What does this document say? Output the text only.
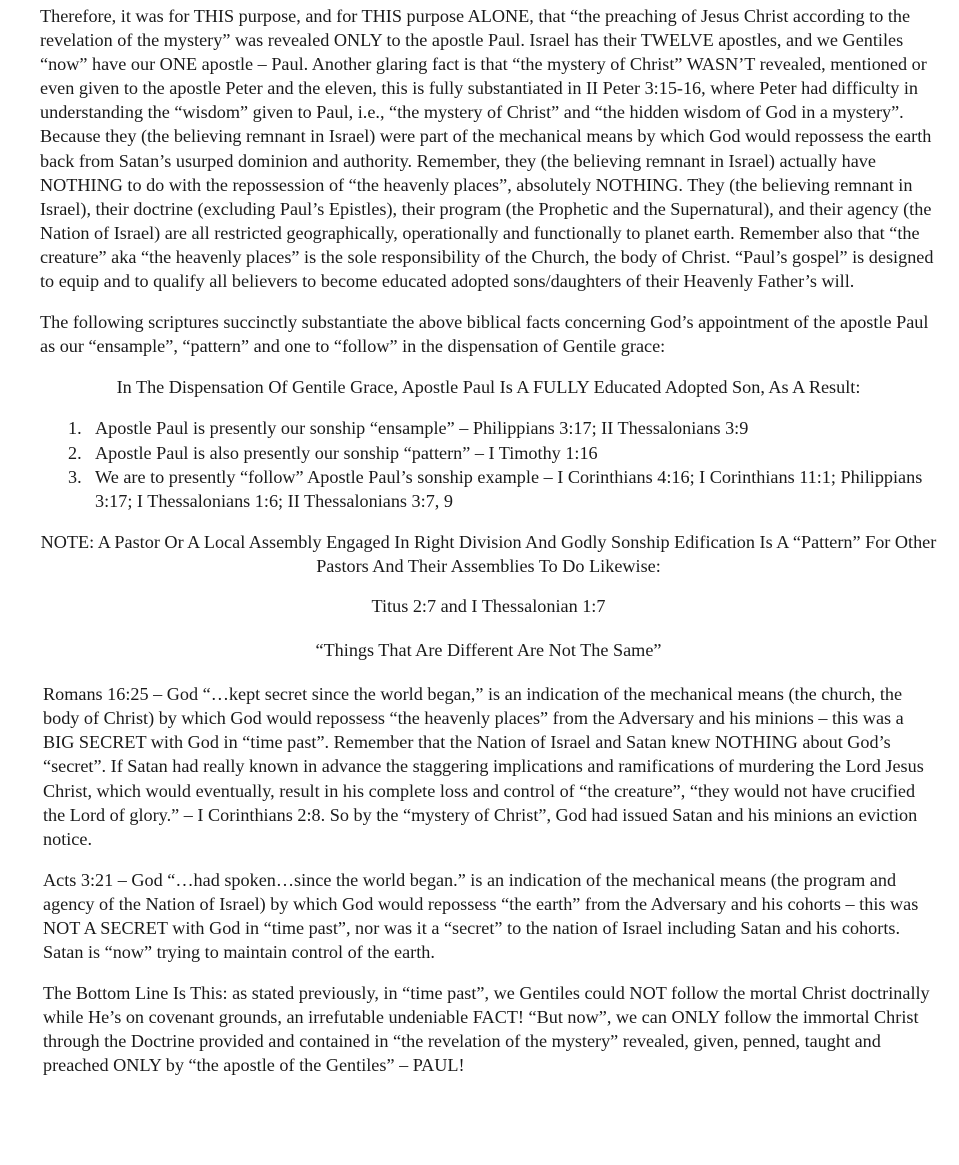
Therefore, it was for THIS purpose, and for THIS purpose ALONE, that “the preaching of Jesus Christ according to the revelation of the mystery” was revealed ONLY to the apostle Paul. Israel has their TWELVE apostles, and we Gentiles “now” have our ONE apostle – Paul. Another glaring fact is that “the mystery of Christ” WASN’T revealed, mentioned or even given to the apostle Peter and the eleven, this is fully substantiated in II Peter 3:15-16, where Peter had difficulty in understanding the “wisdom” given to Paul, i.e., “the mystery of Christ” and “the hidden wisdom of God in a mystery”. Because they (the believing remnant in Israel) were part of the mechanical means by which God would repossess the earth back from Satan’s usurped dominion and authority. Remember, they (the believing remnant in Israel) actually have NOTHING to do with the repossession of “the heavenly places”, absolutely NOTHING. They (the believing remnant in Israel), their doctrine (excluding Paul’s Epistles), their program (the Prophetic and the Supernatural), and their agency (the Nation of Israel) are all restricted geographically, operationally and functionally to planet earth. Remember also that “the creature” aka “the heavenly places” is the sole responsibility of the Church, the body of Christ. “Paul’s gospel” is designed to equip and to qualify all believers to become educated adopted sons/daughters of their Heavenly Father’s will.

The following scriptures succinctly substantiate the above biblical facts concerning God’s appointment of the apostle Paul as our “ensample”, “pattern” and one to “follow” in the dispensation of Gentile grace:

In The Dispensation Of Gentile Grace, Apostle Paul Is A FULLY Educated Adopted Son, As A Result:

1. Apostle Paul is presently our sonship “ensample” – Philippians 3:17; II Thessalonians 3:9
2. Apostle Paul is also presently our sonship “pattern” – I Timothy 1:16
3. We are to presently “follow” Apostle Paul’s sonship example – I Corinthians 4:16; I Corinthians 11:1; Philippians 3:17; I Thessalonians 1:6; II Thessalonians 3:7, 9

NOTE: A Pastor Or A Local Assembly Engaged In Right Division And Godly Sonship Edification Is A “Pattern” For Other Pastors And Their Assemblies To Do Likewise:

Titus 2:7 and I Thessalonian 1:7

“Things That Are Different Are Not The Same”

Romans 16:25 – God “…kept secret since the world began,” is an indication of the mechanical means (the church, the body of Christ) by which God would repossess “the heavenly places” from the Adversary and his minions – this was a BIG SECRET with God in “time past”. Remember that the Nation of Israel and Satan knew NOTHING about God’s “secret”. If Satan had really known in advance the staggering implications and ramifications of murdering the Lord Jesus Christ, which would eventually, result in his complete loss and control of “the creature”, “they would not have crucified the Lord of glory.” – I Corinthians 2:8. So by the “mystery of Christ”, God had issued Satan and his minions an eviction notice.

Acts 3:21 – God “…had spoken…since the world began.” is an indication of the mechanical means (the program and agency of the Nation of Israel) by which God would repossess “the earth” from the Adversary and his cohorts – this was NOT A SECRET with God in “time past”, nor was it a “secret” to the nation of Israel including Satan and his cohorts. Satan is “now” trying to maintain control of the earth.

The Bottom Line Is This: as stated previously, in “time past”, we Gentiles could NOT follow the mortal Christ doctrinally while He’s on covenant grounds, an irrefutable undeniable FACT! “But now”, we can ONLY follow the immortal Christ through the Doctrine provided and contained in “the revelation of the mystery” revealed, given, penned, taught and preached ONLY by “the apostle of the Gentiles” – PAUL!
